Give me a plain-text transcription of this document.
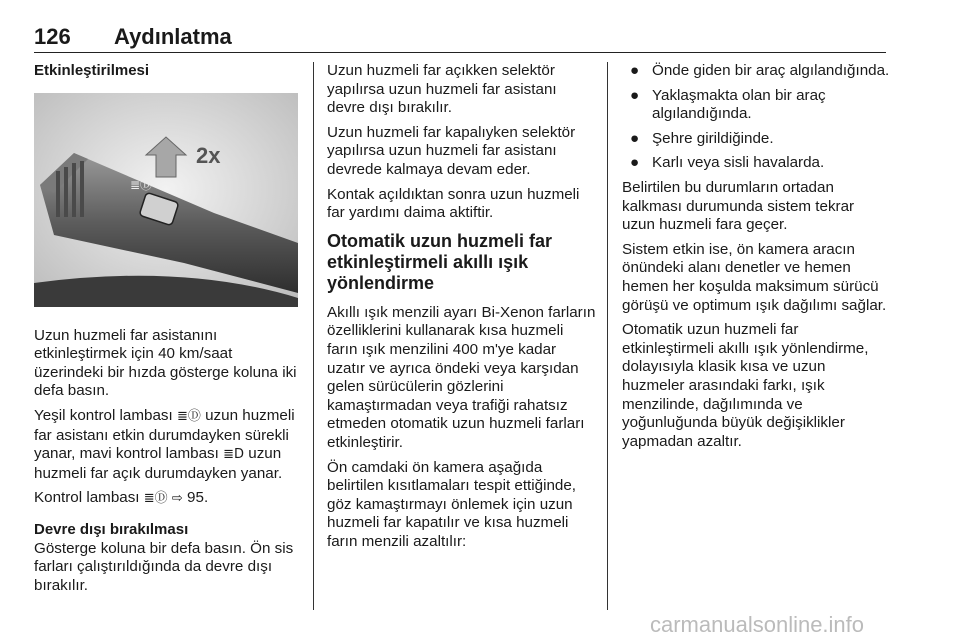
126 Aydınlatma
Etkinleştirilmesi
≣Ⓓ
2x

Uzun huzmeli far asistanını etkinleştirmek için 40 km/saat üzerindeki bir hızda gösterge koluna iki defa basın.

Yeşil kontrol lambası ≣Ⓓ uzun huzmeli far asistanı etkin durumdayken sürekli yanar, mavi kontrol lambası ≣D uzun huzmeli far açık durumdayken yanar.

Kontrol lambası ≣Ⓓ ⇨ 95.

Devre dışı bırakılması

Gösterge koluna bir defa basın. Ön sis farları çalıştırıldığında da devre dışı bırakılır.

Uzun huzmeli far açıkken selektör yapılırsa uzun huzmeli far asistanı devre dışı bırakılır.

Uzun huzmeli far kapalıyken selektör yapılırsa uzun huzmeli far asistanı devrede kalmaya devam eder.

Kontak açıldıktan sonra uzun huzmeli far yardımı daima aktiftir.

Otomatik uzun huzmeli far etkinleştirmeli akıllı ışık yönlendirme

Akıllı ışık menzili ayarı Bi-Xenon farların özelliklerini kullanarak kısa huzmeli farın ışık menzilini 400 m'ye kadar uzatır ve ayrıca öndeki veya karşıdan gelen sürücülerin gözlerini kamaştırmadan veya trafiği rahatsız etmeden otomatik uzun huzmeli farları etkinleştirir.

Ön camdaki ön kamera aşağıda belirtilen kısıtlamaları tespit ettiğinde, göz kamaştırmayı önlemek için uzun huzmeli far kapatılır ve kısa huzmeli farın menzili azaltılır:

● Önde giden bir araç algılandığında.
● Yaklaşmakta olan bir araç algılandığında.
● Şehre girildiğinde.
● Karlı veya sisli havalarda.

Belirtilen bu durumların ortadan kalkması durumunda sistem tekrar uzun huzmeli fara geçer.

Sistem etkin ise, ön kamera aracın önündeki alanı denetler ve hemen hemen her koşulda maksimum sürücü görüşü ve optimum ışık dağılımı sağlar.

Otomatik uzun huzmeli far etkinleştirmeli akıllı ışık yönlendirme, dolayısıyla klasik kısa ve uzun huzmeler arasındaki farkı, ışık menzilinde, dağılımında ve yoğunluğunda büyük değişiklikler yapmadan azaltır.

carmanualsonline.info
